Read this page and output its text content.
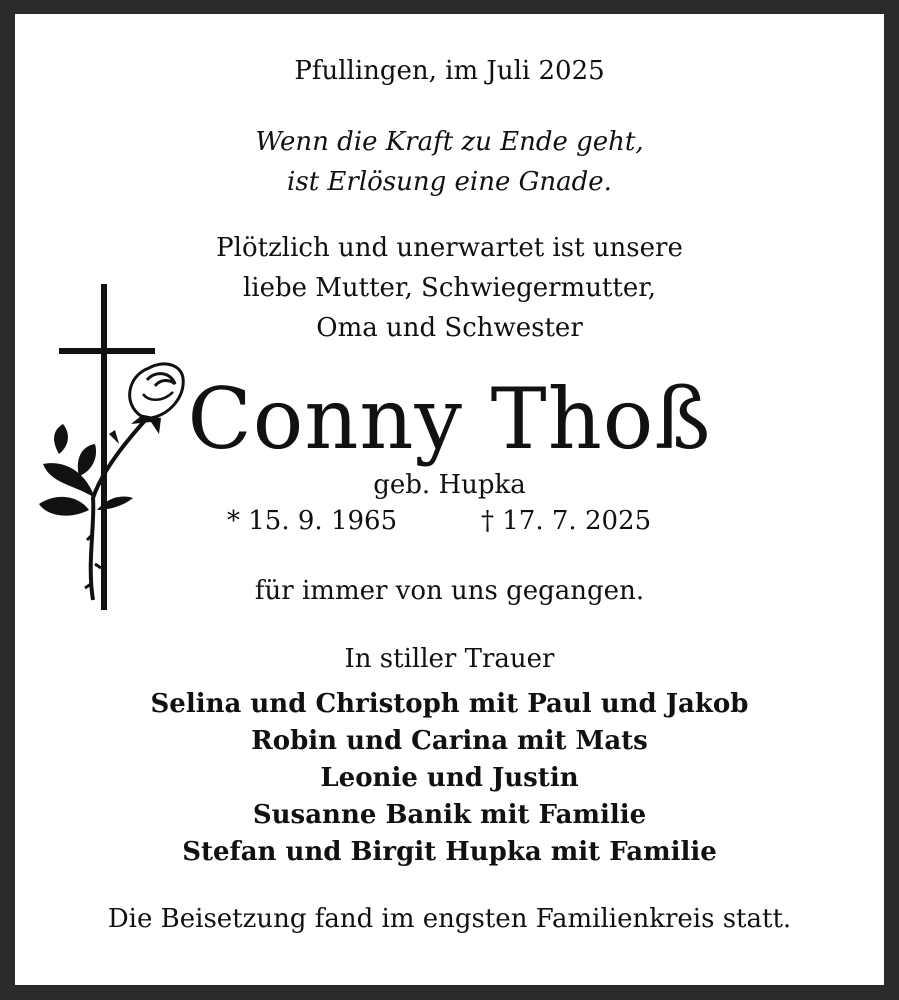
Pfullingen, im Juli 2025
Wenn die Kraft zu Ende geht,
ist Erlösung eine Gnade.
Plötzlich und unerwartet ist unsere
liebe Mutter, Schwiegermutter,
Oma und Schwester
Conny Thoß
geb. Hupka
* 15. 9. 1965	† 17. 7. 2025
für immer von uns gegangen.
In stiller Trauer
Selina und Christoph mit Paul und Jakob
Robin und Carina mit Mats
Leonie und Justin
Susanne Banik mit Familie
Stefan und Birgit Hupka mit Familie
Die Beisetzung fand im engsten Familienkreis statt.
